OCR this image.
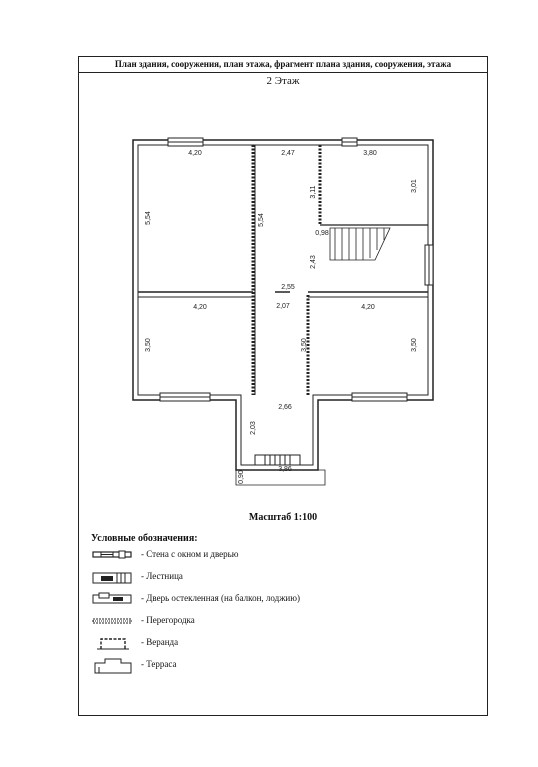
План здания, сооружения, план этажа, фрагмент плана здания, сооружения, этажа
2 Этаж
Масштаб 1:100
Условные обозначения:
- Стена с окном и дверью
- Лестница
- Дверь остекленная (на балкон, лоджию)
- Перегородка
- Веранда
- Терраса
4,20	2,47	3,80
5,54	5,54
3,11	3,01
0,98
2,43
2,55
2,07
4,20	4,20
3,50	3,50	3,50
2,66
2,03
3,86
0,90
